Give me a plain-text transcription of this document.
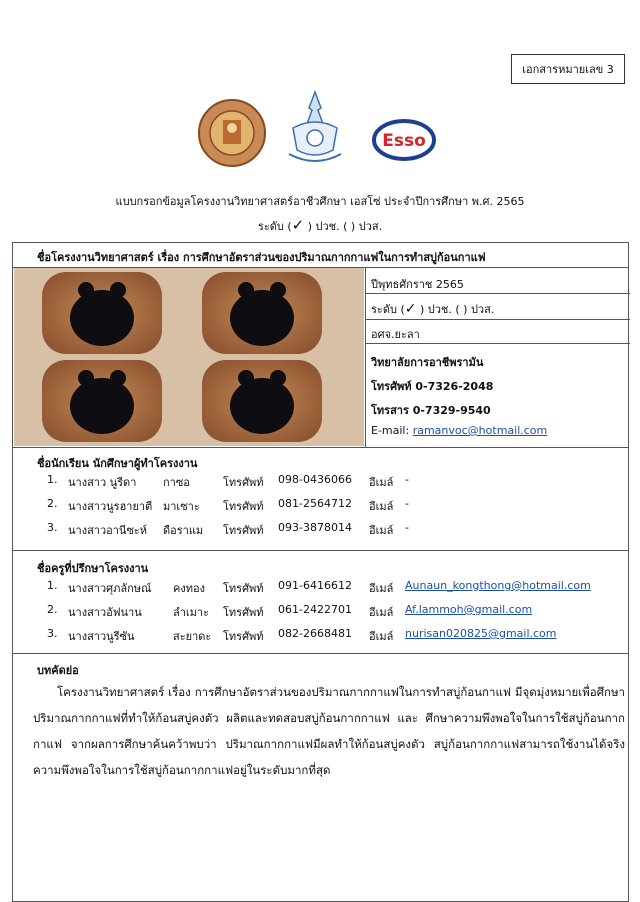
เอกสารหมายเลข 3
Esso
แบบกรอกข้อมูลโครงงานวิทยาศาสตร์อาชีวศึกษา เอสโซ่ ประจำปีการศึกษา พ.ศ. 2565
ระดับ (✓ ) ปวช. ( ) ปวส.
ชื่อโครงงานวิทยาศาสตร์ เรื่อง การศึกษาอัตราส่วนของปริมาณกากกาแฟในการทำสบู่ก้อนกาแฟ
ปีพุทธศักราช 2565
ระดับ (✓ ) ปวช. ( ) ปวส.
อศจ.ยะลา
วิทยาลัยการอาชีพรามัน
โทรศัพท์ 0-7326-2048
โทรสาร 0-7329-9540
E-mail: ramanvoc@hotmail.com
ชื่อนักเรียน นักศึกษาผู้ทำโครงงาน
1. นางสาว นูรีดา กาซอ	โทรศัพท์ 098-0436066 อีเมล์ -
2. นางสาวนูรฮายาตี มาเซาะ โทรศัพท์ 081-2564712 อีเมล์ -
3. นางสาวอานีซะห์ ดือราแม โทรศัพท์ 093-3878014 อีเมล์ -
ชื่อครูที่ปรึกษาโครงงาน
1. นางสาวศุภลักษณ์ คงทอง โทรศัพท์ 091-6416612 อีเมล์ Aunaun_kongthong@hotmail.com
2. นางสาวอัฟนาน	ลำเมาะ โทรศัพท์ 061-2422701 อีเมล์ Af.lammoh@gmail.com
3. นางสาวนูรีซัน	สะยาดะ โทรศัพท์ 082-2668481 อีเมล์ nurisan020825@gmail.com
บทคัดย่อ
โครงงานวิทยาศาสตร์ เรื่อง การศึกษาอัตราส่วนของปริมาณกากกาแฟในการทำสบู่ก้อนกาแฟ มีจุดมุ่งหมายเพื่อศึกษาปริมาณกากกาแฟที่ทำให้ก้อนสบู่คงตัว ผลิตและทดสอบสบู่ก้อนกากกาแฟ และ ศึกษาความพึงพอใจในการใช้สบู่ก้อนกากกาแฟ จากผลการศึกษาค้นคว้าพบว่า ปริมาณกากกาแฟมีผลทำให้ก้อนสบู่คงตัว สบู่ก้อนกากกาแฟสามารถใช้งานได้จริง ความพึงพอใจในการใช้สบู่ก้อนกากกาแฟอยู่ในระดับมากที่สุด
